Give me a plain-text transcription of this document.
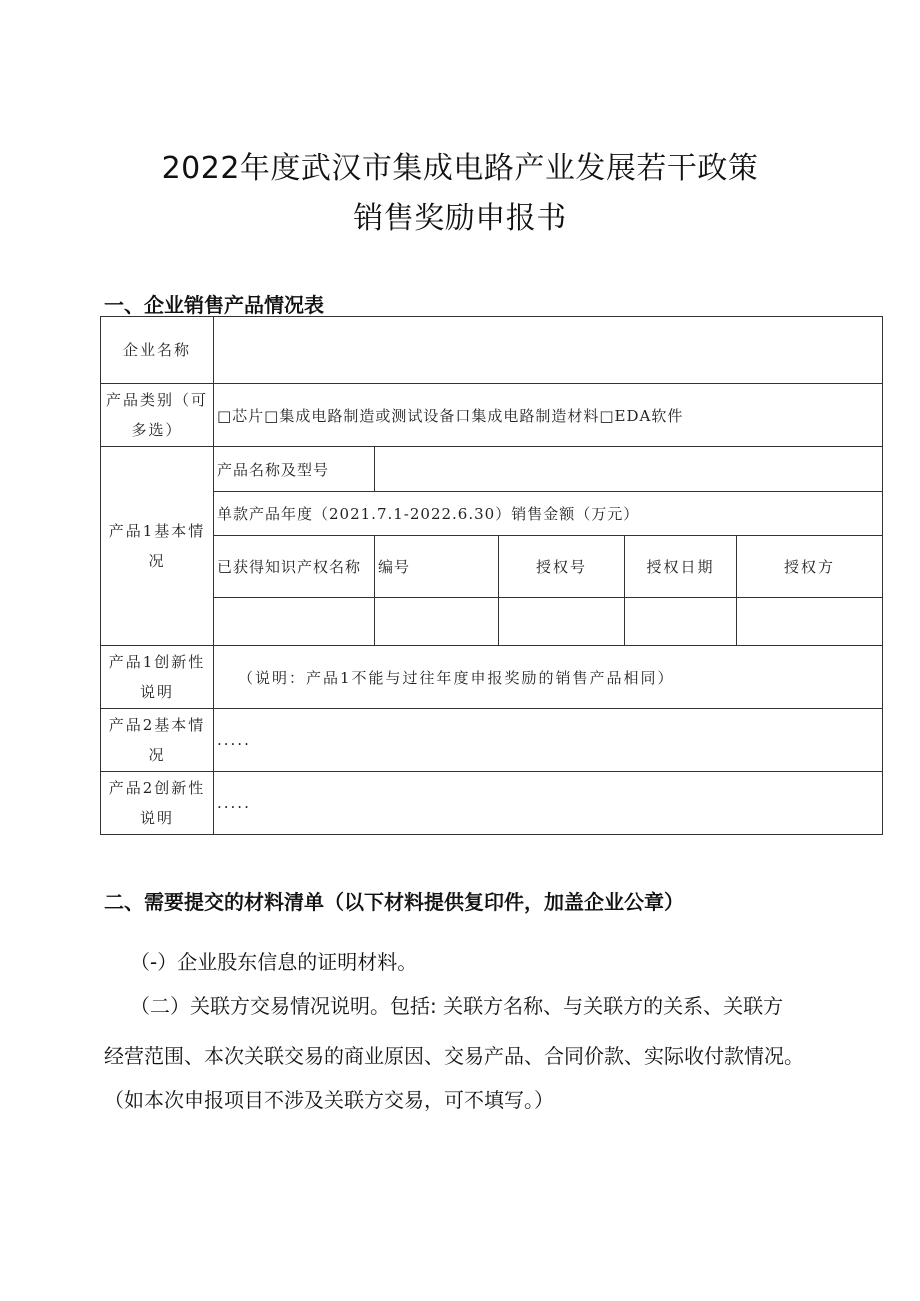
2022年度武汉市集成电路产业发展若干政策
销售奖励申报书
一、企业销售产品情况表
企业名称					
产品类别（可多选）	□芯片□集成电路制造或测试设备口集成电路制造材料□EDA软件				
产品1基本情况	产品名称及型号				
	单款产品年度（2021.7.1-2022.6.30）销售金额（万元）				
	已获得知识产权名称	编号	授权号	授权日期	授权方

产品1创新性说明	（说明：产品1不能与过往年度申报奖励的销售产品相同）				
产品2基本情况	.....				
产品2创新性说明	.....				
二、需要提交的材料清单（以下材料提供复印件，加盖企业公章）
（-）企业股东信息的证明材料。
（二）关联方交易情况说明。包括: 关联方名称、与关联方的关系、关联方
经营范围、本次关联交易的商业原因、交易产品、合同价款、实际收付款情况。
（如本次申报项目不涉及关联方交易，可不填写。）
